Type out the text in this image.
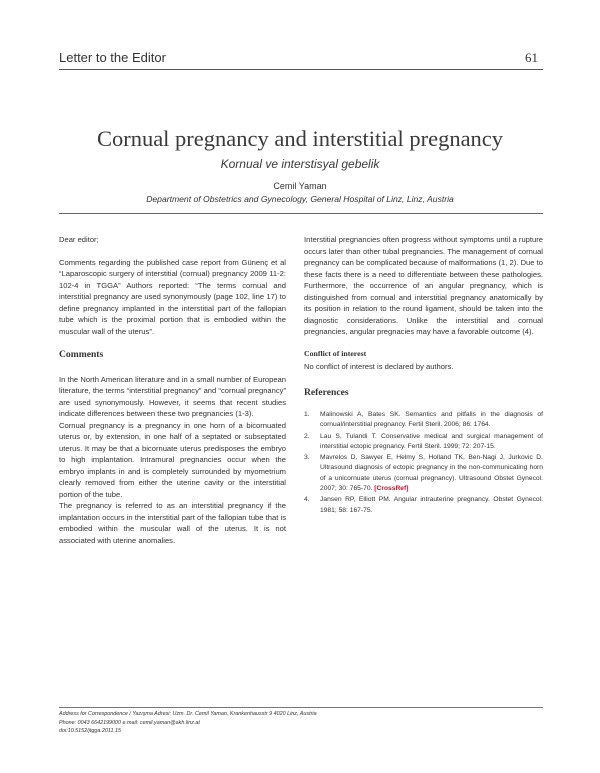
Letter to the Editor	61
Cornual pregnancy and interstitial pregnancy
Kornual ve interstisyal gebelik
Cemil Yaman
Department of Obstetrics and Gynecology, General Hospital of Linz, Linz, Austria

Dear editor;

Comments regarding the published case report from Günenç et al “Laparoscopic surgery of interstitial (cornual) pregnancy 2009 11-2: 102-4 in TGGA” Authors reported: “The terms cornual and interstitial pregnancy are used synonymously (page 102, line 17) to define pregnancy implanted in the interstitial part of the fallopian tube which is the proximal portion that is embodied within the muscular wall of the uterus”.

Comments

In the North American literature and in a small number of European literature, the terms “interstitial pregnancy” and “cornual pregnancy” are used synonymously. However, it seems that recent studies indicate differences between these two pregnancies (1-3).

Cornual pregnancy is a pregnancy in one horn of a bicornuated uterus or, by extension, in one half of a septated or subseptated uterus. It may be that a bicornuate uterus predisposes the embryo to high implantation. Intramural pregnancies occur when the embryo implants in and is completely surrounded by myometrium clearly removed from either the uterine cavity or the interstitial portion of the tube.

The pregnancy is referred to as an interstitial pregnancy if the implantation occurs in the interstitial part of the fallopian tube that is embodied within the muscular wall of the uterus. It is not associated with uterine anomalies.

Interstitial pregnancies often progress without symptoms until a rupture occurs later than other tubal pregnancies. The management of cornual pregnancy can be complicated because of malformations (1, 2). Due to these facts there is a need to differentiate between these pathologies. Furthermore, the occurrence of an angular pregnancy, which is distinguished from cornual and interstitial pregnancy anatomically by its position in relation to the round ligament, should be taken into the diagnostic considerations. Unlike the interstitial and cornual pregnancies, angular pregnacies may have a favorable outcome (4).

Conflict of interest

No conflict of interest is declared by authors.

References
1.	Malinowski A, Bates SK. Semantics and pitfalls in the diagnosis of cornual/interstitial pregnancy. Fertil Steril. 2006; 86: 1764.
2.	Lau S, Tulandi T. Conservative medical and surgical management of interstitial ectopic pregnancy. Fertil Steril. 1999; 72: 207-15.
3.	Mavrelos D, Sawyer E, Helmy S, Holland TK, Ben-Nagi J, Jurkovic D. Ultrasound diagnosis of ectopic pregnancy in the non-communicating horn of a unicornuate uterus (cornual pregnancy). Ultrasound Obstet Gynecol. 2007; 30: 765-70. [CrossRef]
4.	Jansen RP, Elliott PM. Angular intrauterine pregnancy. Obstet Gynecol. 1981; 58: 167-75.
Address for Correspondence / Yazışma Adresi: Uzm. Dr. Cemil Yaman, Krankenhausstr 9 4020 Linz, Austria
Phone: 0043 6642199000 e.mail: cemil.yaman@akh.linz.at
doi:10.5152/jtgga.2011.15
